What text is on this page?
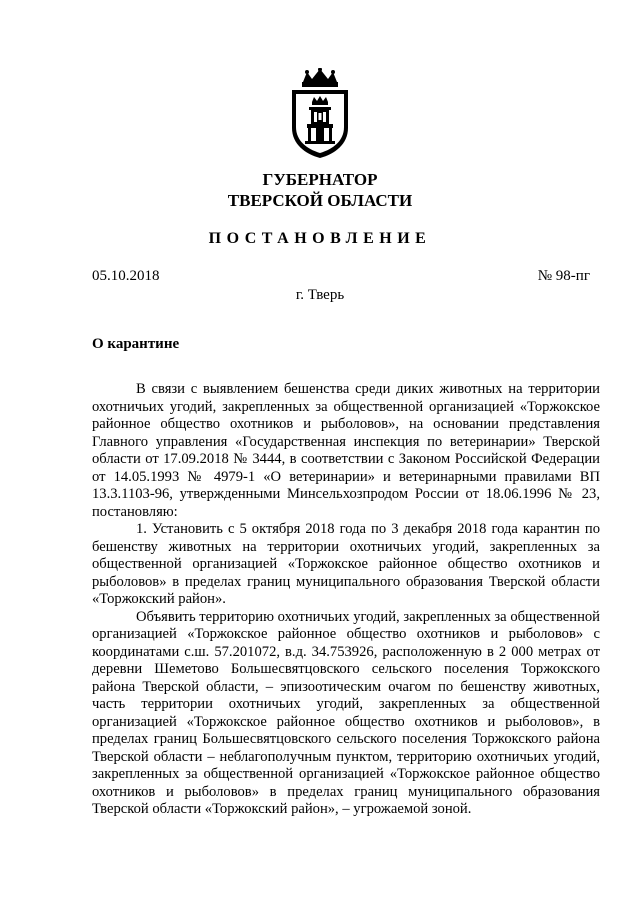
ГУБЕРНАТОР
ТВЕРСКОЙ ОБЛАСТИ
ПОСТАНОВЛЕНИЕ
05.10.2018	№ 98-пг
г. Тверь
О карантине

В связи с выявлением бешенства среди диких животных на территории охотничьих угодий, закрепленных за общественной организацией «Торжокское районное общество охотников и рыболовов», на основании представления Главного управления «Государственная инспекция по ветеринарии» Тверской области от 17.09.2018 № 3444, в соответствии с Законом Российской Федерации от 14.05.1993 № 4979-1 «О ветеринарии» и ветеринарными правилами ВП 13.3.1103-96, утвержденными Минсельхозпродом России от 18.06.1996 № 23, постановляю:

1. Установить с 5 октября 2018 года по 3 декабря 2018 года карантин по бешенству животных на территории охотничьих угодий, закрепленных за общественной организацией «Торжокское районное общество охотников и рыболовов» в пределах границ муниципального образования Тверской области «Торжокский район».

Объявить территорию охотничьих угодий, закрепленных за общественной организацией «Торжокское районное общество охотников и рыболовов» с координатами с.ш. 57.201072, в.д. 34.753926, расположенную в 2 000 метрах от деревни Шеметово Большесвятцовского сельского поселения Торжокского района Тверской области, – эпизоотическим очагом по бешенству животных, часть территории охотничьих угодий, закрепленных за общественной организацией «Торжокское районное общество охотников и рыболовов», в пределах границ Большесвятцовского сельского поселения Торжокского района Тверской области – неблагополучным пунктом, территорию охотничьих угодий, закрепленных за общественной организацией «Торжокское районное общество охотников и рыболовов» в пределах границ муниципального образования Тверской области «Торжокский район», – угрожаемой зоной.
